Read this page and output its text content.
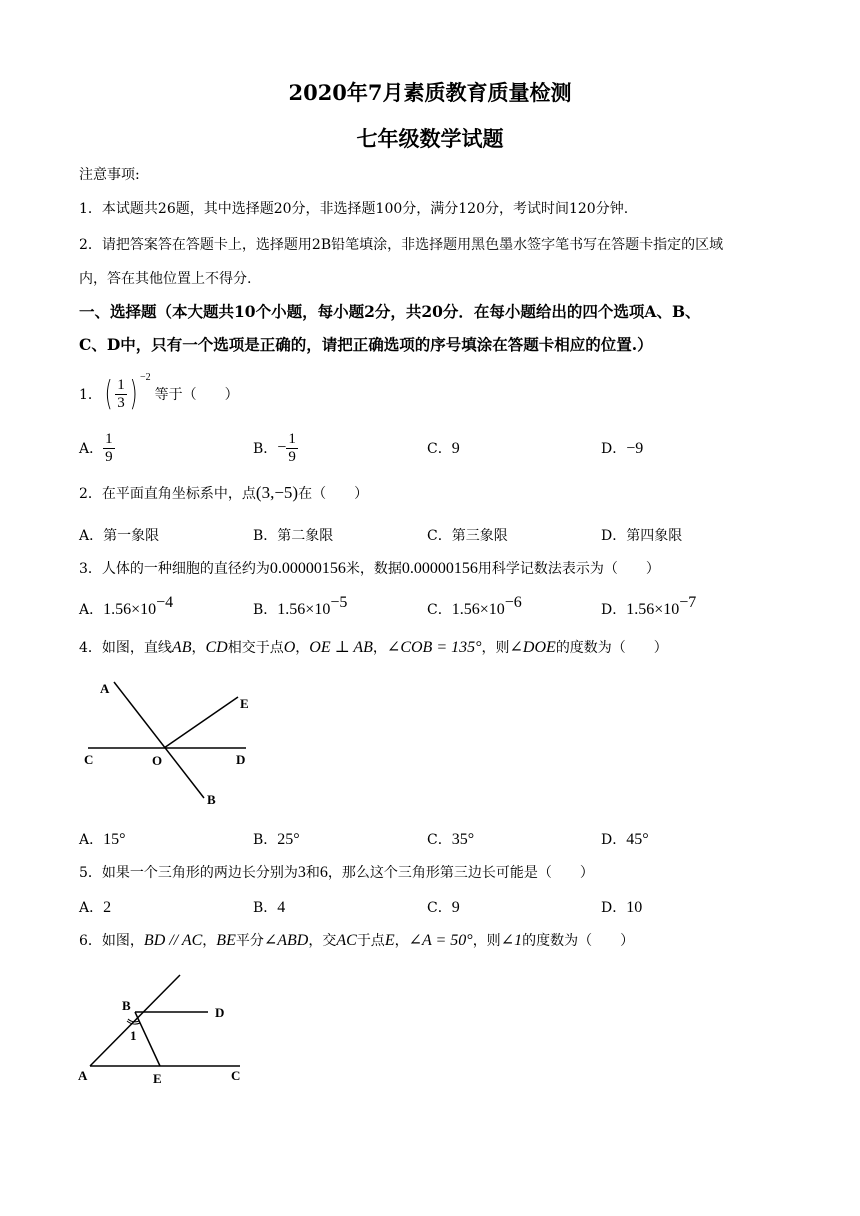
2020年7月素质教育质量检测
七年级数学试题
注意事项:
1．本试题共26题，其中选择题20分，非选择题100分，满分120分，考试时间120分钟.
2．请把答案答在答题卡上，选择题用2B铅笔填涂，非选择题用黑色墨水签字笔书写在答题卡指定的区域
内，答在其他位置上不得分.
一、选择题（本大题共10个小题，每小题2分，共20分．在每小题给出的四个选项A、B、
C、D中，只有一个选项是正确的，请把正确选项的序号填涂在答题卡相应的位置.）
1． ( $\frac{1}{3}$ ) −2
等于（　　）
A． $\frac{1}{9}$	B． − $\frac{1}{9}$	C．9	D．−9
2．在平面直角坐标系中，点(3,−5)在（　　）
A．第一象限	B．第二象限	C．第三象限	D．第四象限
3．人体的一种细胞的直径约为0.00000156米，数据0.00000156用科学记数法表示为（　　）
A．$1.56\times 10^{-4}$	B．$1.56\times 10^{-5}$	C．$1.56\times 10^{-6}$	D．$1.56\times 10^{-7}$
4．如图，直线AB，CD相交于点O，OE ⊥ AB，∠COB = 135°，则∠DOE的度数为（　　）
A
B
C	D
E
O
A．15°	B．25°	C．35°	D．45°
5．如果一个三角形的两边长分别为3和6，那么这个三角形第三边长可能是（　　）
A．2	B．4	C．9	D．10
6．如图，BD // AC，BE平分∠ABD，交AC于点E，∠A = 50°，则∠1的度数为（　　）
A
B
C
D
E
1
